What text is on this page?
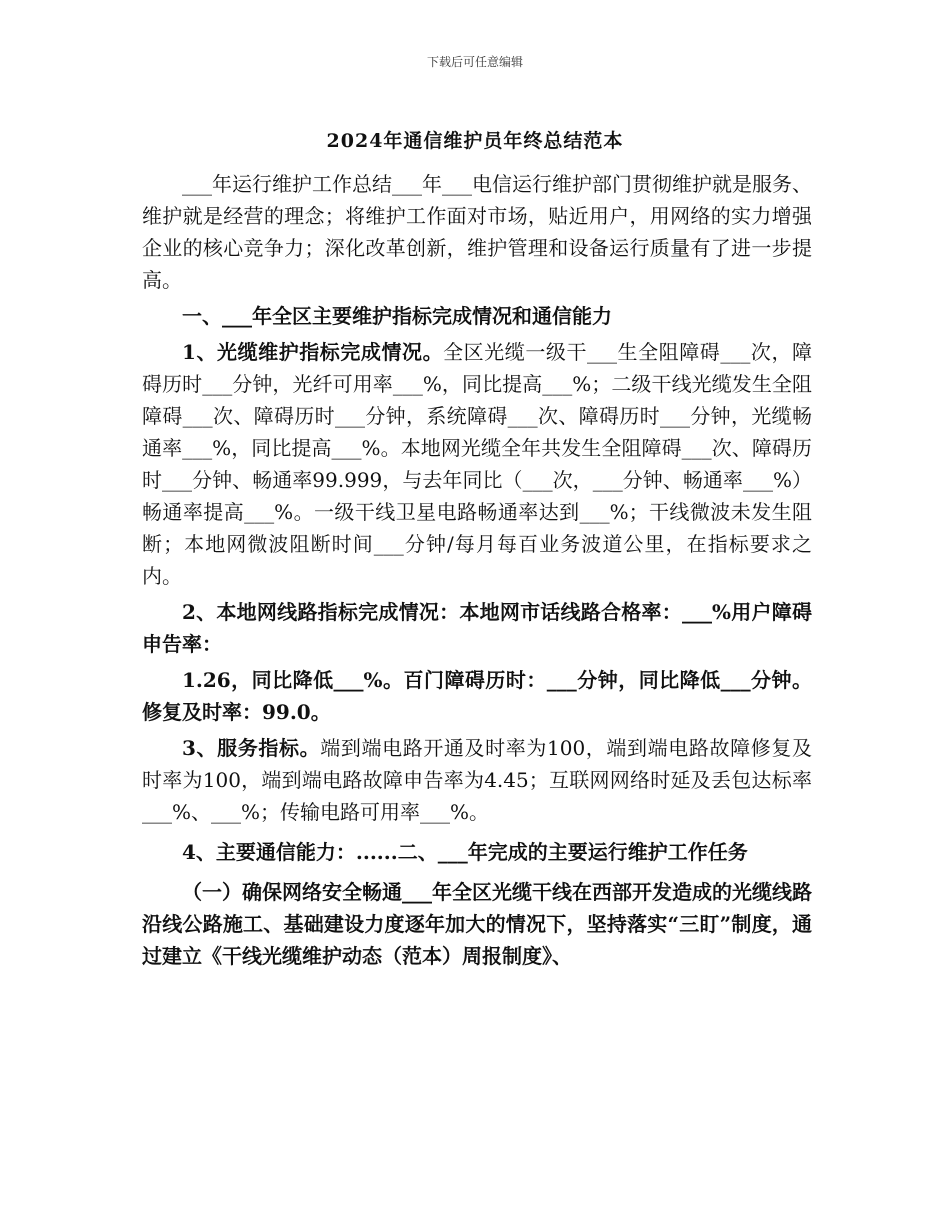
下载后可任意编辑
2024年通信维护员年终总结范本

___年运行维护工作总结___年___电信运行维护部门贯彻维护就是服务、维护就是经营的理念；将维护工作面对市场，贴近用户，用网络的实力增强企业的核心竞争力；深化改革创新，维护管理和设备运行质量有了进一步提高。

一、___年全区主要维护指标完成情况和通信能力

1、光缆维护指标完成情况。全区光缆一级干___生全阻障碍___次，障碍历时___分钟，光纤可用率___%，同比提高___%；二级干线光缆发生全阻障碍___次、障碍历时___分钟，系统障碍___次、障碍历时___分钟，光缆畅通率___%，同比提高___%。本地网光缆全年共发生全阻障碍___次、障碍历时___分钟、畅通率99.999，与去年同比（___次，___分钟、畅通率___%）畅通率提高___%。一级干线卫星电路畅通率达到___%；干线微波未发生阻断；本地网微波阻断时间___分钟/每月每百业务波道公里，在指标要求之内。

2、本地网线路指标完成情况：本地网市话线路合格率：___%用户障碍申告率：

1.26，同比降低___%。百门障碍历时：___分钟，同比降低___分钟。修复及时率：99.0。

3、服务指标。端到端电路开通及时率为100，端到端电路故障修复及时率为100，端到端电路故障申告率为4.45；互联网网络时延及丢包达标率___%、___%；传输电路可用率___%。

4、主要通信能力：......二、___年完成的主要运行维护工作任务

（一）确保网络安全畅通___年全区光缆干线在西部开发造成的光缆线路沿线公路施工、基础建设力度逐年加大的情况下，坚持落实“三盯”制度，通过建立《干线光缆维护动态（范本）周报制度》、
